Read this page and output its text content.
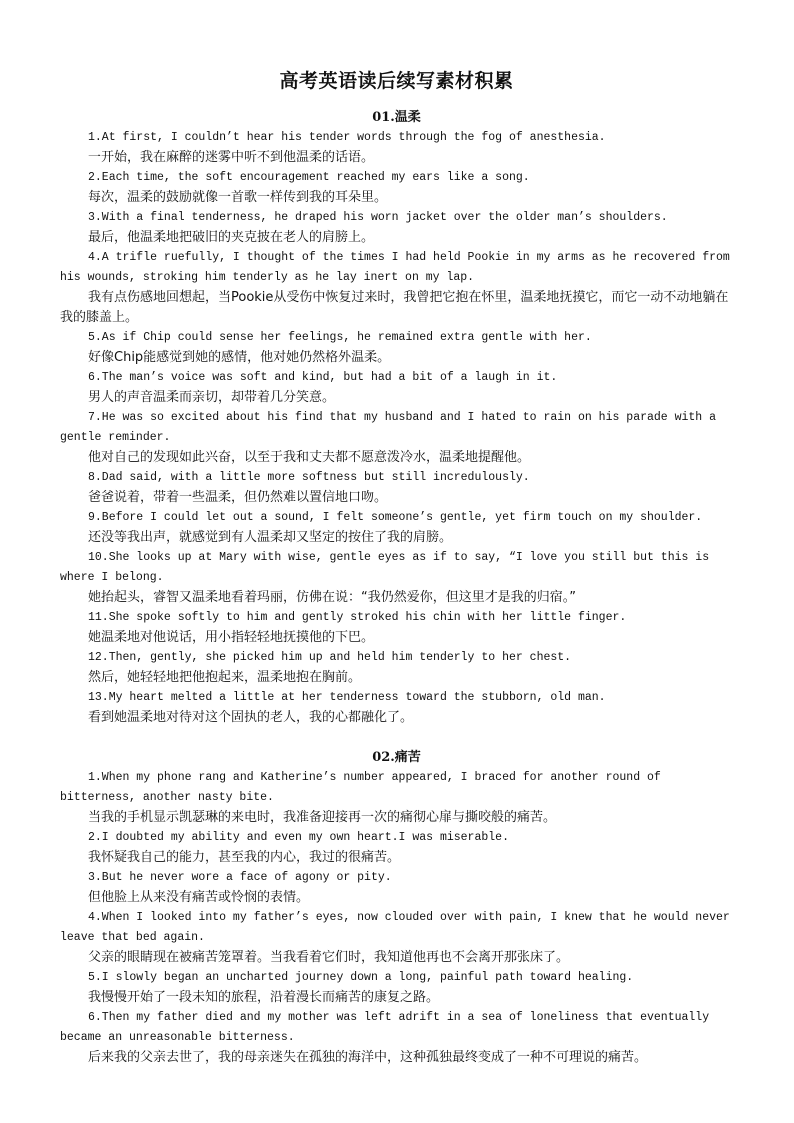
高考英语读后续写素材积累
01.温柔

1.At first, I couldn’t hear his tender words through the fog of anesthesia.

一开始，我在麻醉的迷雾中听不到他温柔的话语。

2.Each time, the soft encouragement reached my ears like a song.

每次，温柔的鼓励就像一首歌一样传到我的耳朵里。

3.With a final tenderness, he draped his worn jacket over the older man’s shoulders.

最后，他温柔地把破旧的夹克披在老人的肩膀上。

4.A trifle ruefully, I thought of the times I had held Pookie in my arms as he recovered from his wounds, stroking him tenderly as he lay inert on my lap.

我有点伤感地回想起，当Pookie从受伤中恢复过来时，我曾把它抱在怀里，温柔地抚摸它，而它一动不动地躺在我的膝盖上。

5.As if Chip could sense her feelings, he remained extra gentle with her.

好像Chip能感觉到她的感情，他对她仍然格外温柔。

6.The man’s voice was soft and kind, but had a bit of a laugh in it.

男人的声音温柔而亲切，却带着几分笑意。

7.He was so excited about his find that my husband and I hated to rain on his parade with a gentle reminder.

他对自己的发现如此兴奋，以至于我和丈夫都不愿意泼冷水，温柔地提醒他。

8.Dad said, with a little more softness but still incredulously.

爸爸说着，带着一些温柔，但仍然难以置信地口吻。

9.Before I could let out a sound, I felt someone’s gentle, yet firm touch on my shoulder.

还没等我出声，就感觉到有人温柔却又坚定的按住了我的肩膀。

10.She looks up at Mary with wise, gentle eyes as if to say, “I love you still but this is where I belong.

她抬起头，睿智又温柔地看着玛丽，仿佛在说：“我仍然爱你，但这里才是我的归宿。”

11.She spoke softly to him and gently stroked his chin with her little finger.

她温柔地对他说话，用小指轻轻地抚摸他的下巴。

12.Then, gently, she picked him up and held him tenderly to her chest.

然后，她轻轻地把他抱起来，温柔地抱在胸前。

13.My heart melted a little at her tenderness toward the stubborn, old man.

看到她温柔地对待对这个固执的老人，我的心都融化了。

02.痛苦

1.When my phone rang and Katherine’s number appeared, I braced for another round of bitterness, another nasty bite.

当我的手机显示凯瑟琳的来电时，我准备迎接再一次的痛彻心扉与撕咬般的痛苦。

2.I doubted my ability and even my own heart.I was miserable.

我怀疑我自己的能力，甚至我的内心，我过的很痛苦。

3.But he never wore a face of agony or pity.

但他脸上从来没有痛苦或怜悯的表情。

4.When I looked into my father’s eyes, now clouded over with pain, I knew that he would never leave that bed again.

父亲的眼睛现在被痛苦笼罩着。当我看着它们时，我知道他再也不会离开那张床了。

5.I slowly began an uncharted journey down a long, painful path toward healing.

我慢慢开始了一段未知的旅程，沿着漫长而痛苦的康复之路。

6.Then my father died and my mother was left adrift in a sea of loneliness that eventually became an unreasonable bitterness.

后来我的父亲去世了，我的母亲迷失在孤独的海洋中，这种孤独最终变成了一种不可理说的痛苦。
